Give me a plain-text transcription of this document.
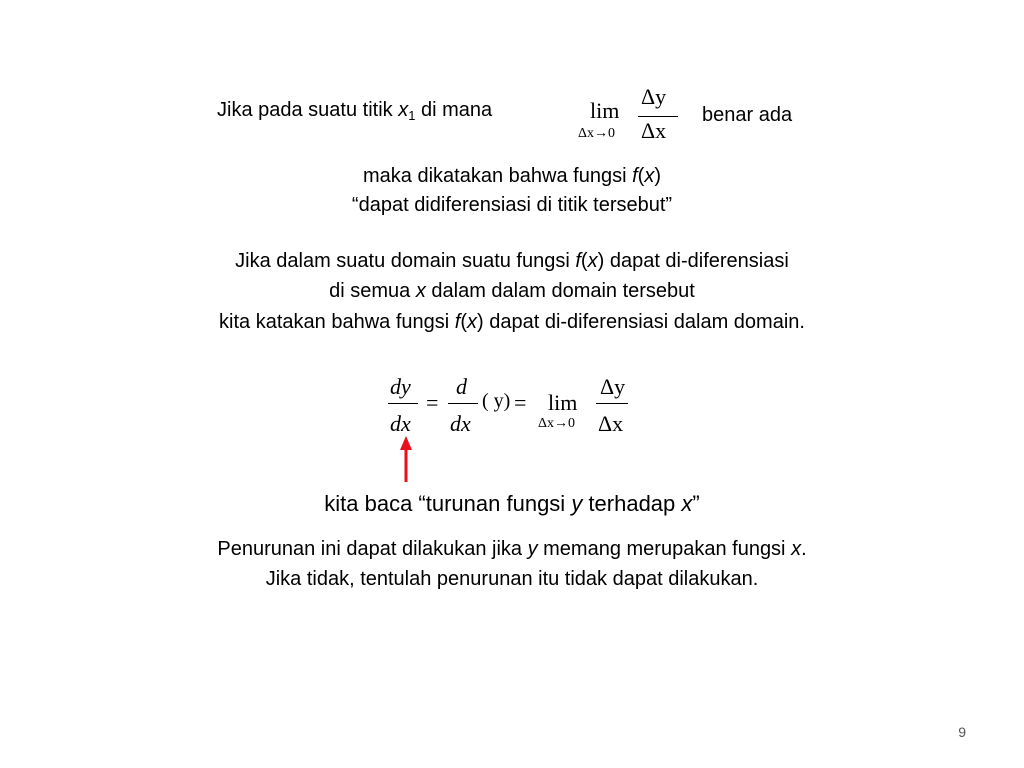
Jika pada suatu titik $x_1$ di mana	lim
Δx→0
Δy
Δx
benar ada
maka dikatakan bahwa fungsi f(x)
“dapat didiferensiasi di titik tersebut”
Jika dalam suatu domain suatu fungsi f(x) dapat di-diferensiasi
di semua x dalam dalam domain tersebut
kita katakan bahwa fungsi f(x) dapat di-diferensiasi dalam domain.
dy
dx
=
d
dx
( y) = lim
Δx→0
Δy
Δx
kita baca “turunan fungsi y terhadap x”
Penurunan ini dapat dilakukan jika y memang merupakan fungsi x.
Jika tidak, tentulah penurunan itu tidak dapat dilakukan.
9
